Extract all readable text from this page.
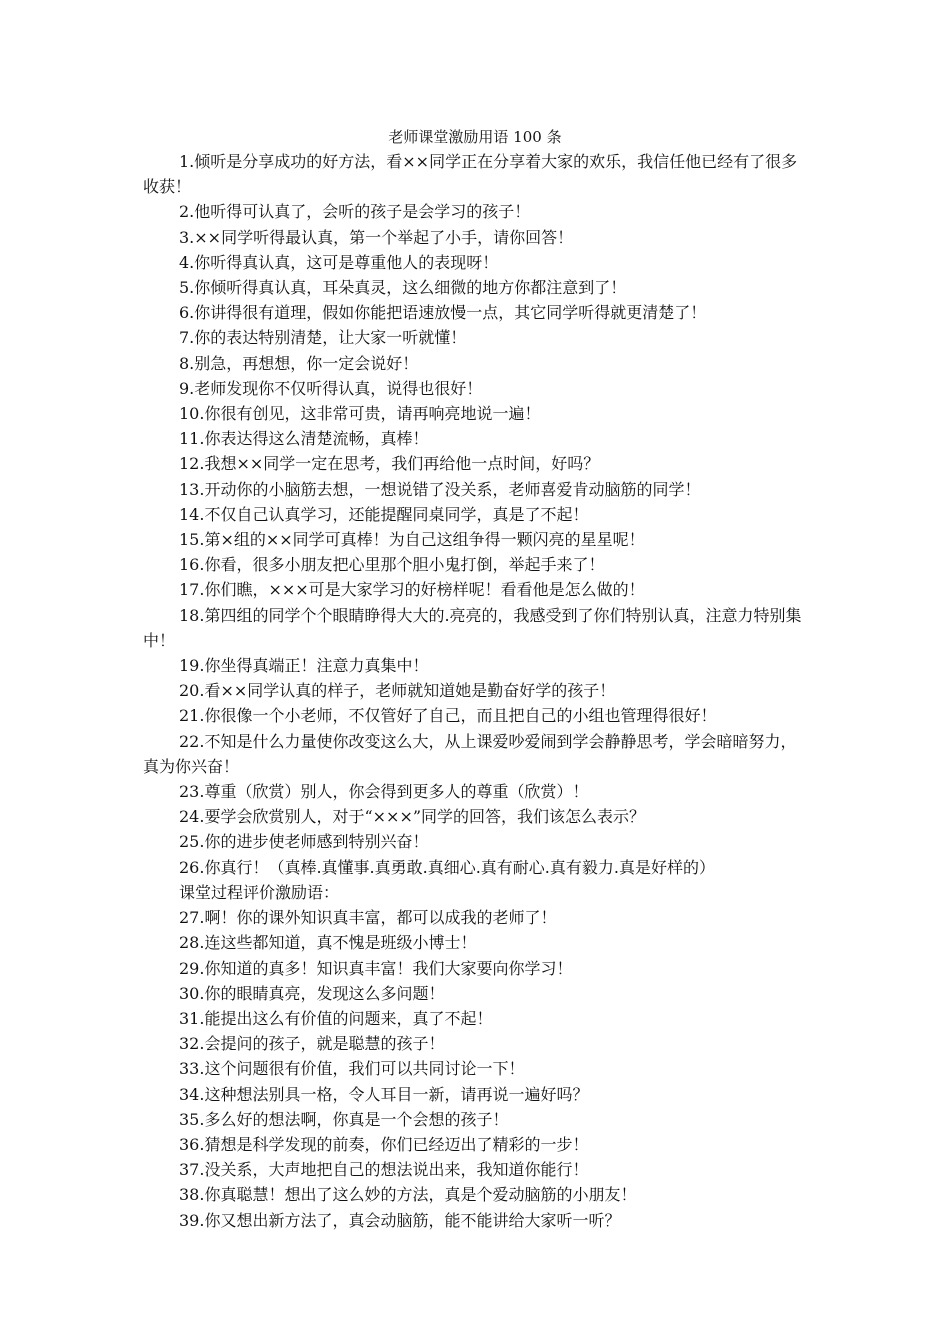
老师课堂激励用语 100 条

1.倾听是分享成功的好方法，看××同学正在分享着大家的欢乐，我信任他已经有了很多收获！

2.他听得可认真了，会听的孩子是会学习的孩子！

3.××同学听得最认真，第一个举起了小手，请你回答！

4.你听得真认真，这可是尊重他人的表现呀！

5.你倾听得真认真，耳朵真灵，这么细微的地方你都注意到了！

6.你讲得很有道理，假如你能把语速放慢一点，其它同学听得就更清楚了！

7.你的表达特别清楚，让大家一听就懂！

8.别急，再想想，你一定会说好！

9.老师发现你不仅听得认真，说得也很好！

10.你很有创见，这非常可贵，请再响亮地说一遍！

11.你表达得这么清楚流畅，真棒！

12.我想××同学一定在思考，我们再给他一点时间，好吗？

13.开动你的小脑筋去想，一想说错了没关系，老师喜爱肯动脑筋的同学！

14.不仅自己认真学习，还能提醒同桌同学，真是了不起！

15.第×组的××同学可真棒！为自己这组争得一颗闪亮的星星呢！

16.你看，很多小朋友把心里那个胆小鬼打倒，举起手来了！

17.你们瞧，×××可是大家学习的好榜样呢！看看他是怎么做的！

18.第四组的同学个个眼睛睁得大大的.亮亮的，我感受到了你们特别认真，注意力特别集中！

19.你坐得真端正！注意力真集中！

20.看××同学认真的样子，老师就知道她是勤奋好学的孩子！

21.你很像一个小老师，不仅管好了自己，而且把自己的小组也管理得很好！

22.不知是什么力量使你改变这么大，从上课爱吵爱闹到学会静静思考，学会暗暗努力，真为你兴奋！

23.尊重（欣赏）别人，你会得到更多人的尊重（欣赏）！

24.要学会欣赏别人，对于“×××”同学的回答，我们该怎么表示？

25.你的进步使老师感到特别兴奋！

26.你真行！（真棒.真懂事.真勇敢.真细心.真有耐心.真有毅力.真是好样的）

课堂过程评价激励语：

27.啊！你的课外知识真丰富，都可以成我的老师了！

28.连这些都知道，真不愧是班级小博士！

29.你知道的真多！知识真丰富！我们大家要向你学习！

30.你的眼睛真亮，发现这么多问题！

31.能提出这么有价值的问题来，真了不起！

32.会提问的孩子，就是聪慧的孩子！

33.这个问题很有价值，我们可以共同讨论一下！

34.这种想法别具一格，令人耳目一新，请再说一遍好吗？

35.多么好的想法啊，你真是一个会想的孩子！

36.猜想是科学发现的前奏，你们已经迈出了精彩的一步！

37.没关系，大声地把自己的想法说出来，我知道你能行！

38.你真聪慧！想出了这么妙的方法，真是个爱动脑筋的小朋友！

39.你又想出新方法了，真会动脑筋，能不能讲给大家听一听？
